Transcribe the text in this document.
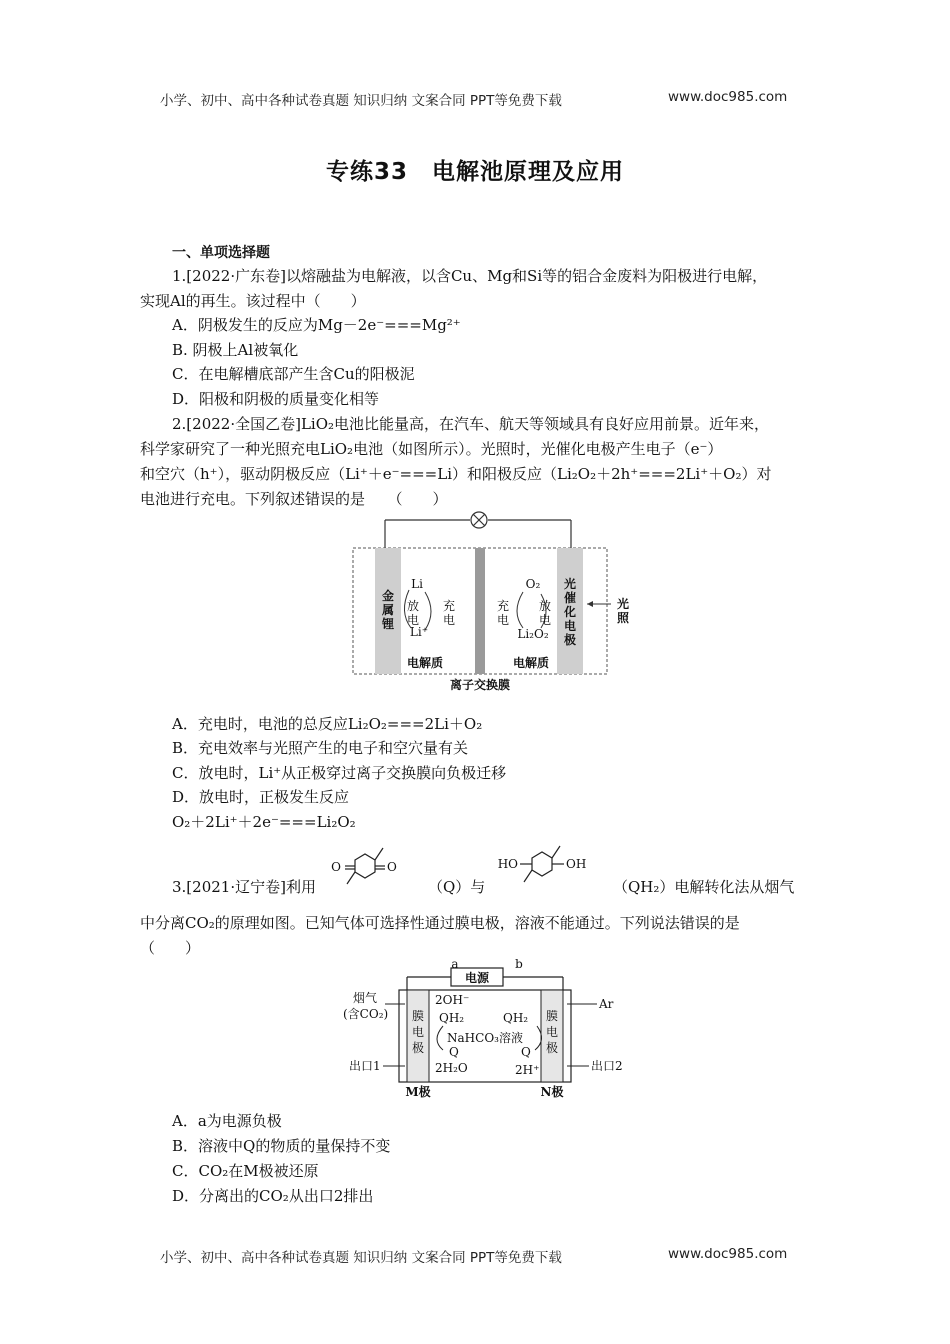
小学、初中、高中各种试卷真题 知识归纳 文案合同 PPT等免费下载	www.doc985.com
专练33　电解池原理及应用
一、单项选择题
1.[2022·广东卷]以熔融盐为电解液，以含Cu、Mg和Si等的铝合金废料为阳极进行电解，
实现Al的再生。该过程中（　　）
A．阴极发生的反应为Mg－2e⁻===Mg²⁺
B. 阴极上Al被氧化
C．在电解槽底部产生含Cu的阳极泥
D．阳极和阴极的质量变化相等
2.[2022·全国乙卷]LiO₂电池比能量高，在汽车、航天等领域具有良好应用前景。近年来，
科学家研究了一种光照充电LiO₂电池（如图所示）。光照时，光催化电极产生电子（e⁻）
和空穴（h⁺），驱动阴极反应（Li⁺＋e⁻===Li）和阳极反应（Li₂O₂＋2h⁺===2Li⁺＋O₂）对
电池进行充电。下列叙述错误的是　　（　　）
金
属
锂
光
催
化
电
极
Li
Li⁺
放
电
充
电
O₂
Li₂O₂
充
电
放
电
光
照
电解质	电解质
离子交换膜
A．充电时，电池的总反应Li₂O₂===2Li＋O₂
B．充电效率与光照产生的电子和空穴量有关
C．放电时，Li⁺从正极穿过离子交换膜向负极迁移
D．放电时，正极发生反应
O₂＋2Li⁺＋2e⁻===Li₂O₂
3.[2021·辽宁卷]利用
O	O
（Q）与
HO	OH
（QH₂）电解转化法从烟气
中分离CO₂的原理如图。已知气体可选择性通过膜电极，溶液不能通过。下列说法错误的是
（　　）
电源
a	b
膜
电
极
膜
电
极
烟气
(含CO₂)
Ar
出口1	出口2
2OH⁻
QH₂	QH₂
NaHCO₃溶液
Q	Q
2H₂O	2H⁺
M极	N极
A．a为电源负极
B．溶液中Q的物质的量保持不变
C．CO₂在M极被还原
D．分离出的CO₂从出口2排出
小学、初中、高中各种试卷真题 知识归纳 文案合同 PPT等免费下载	www.doc985.com
